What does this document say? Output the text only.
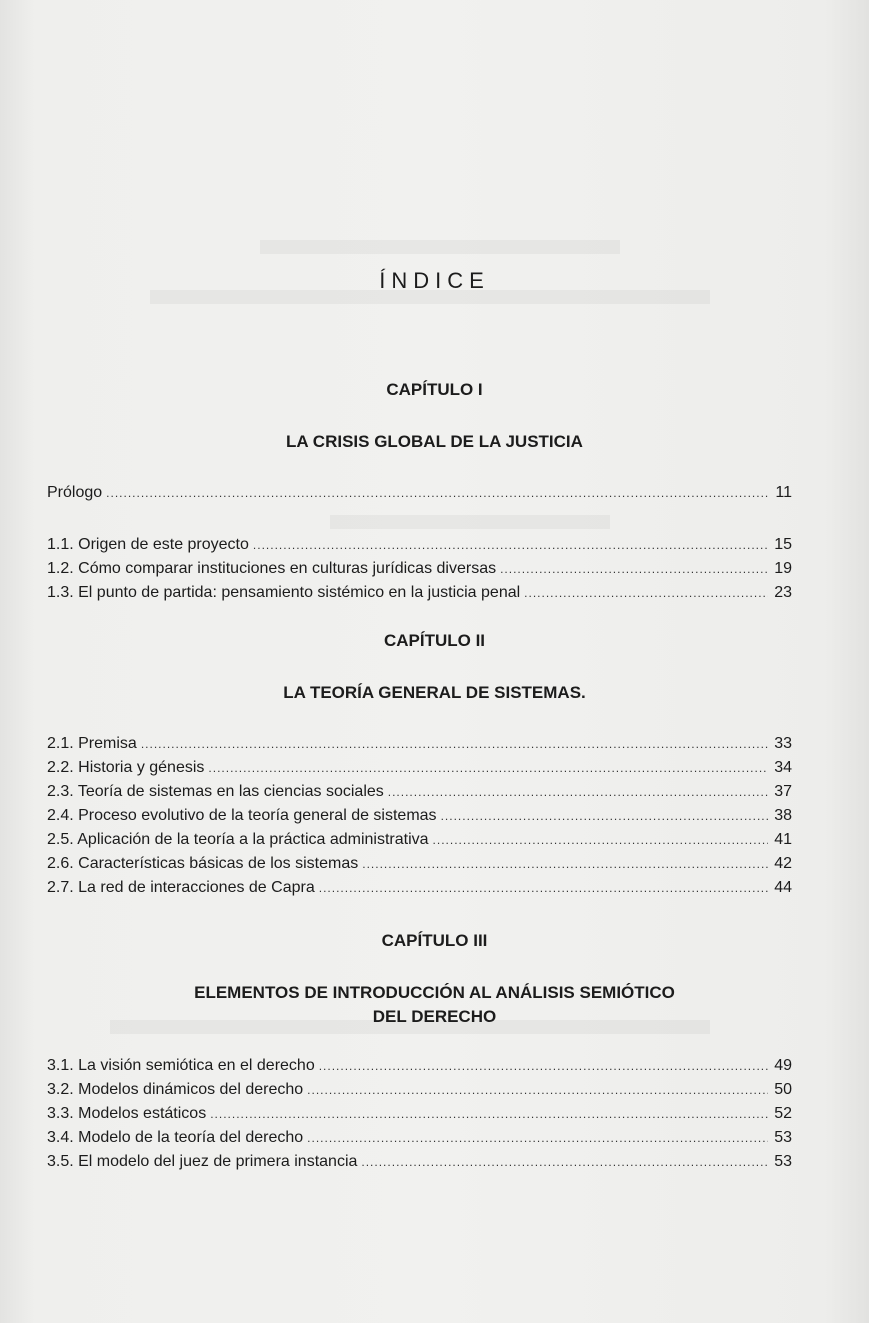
ÍNDICE
CAPÍTULO I
LA CRISIS GLOBAL DE LA JUSTICIA
Prólogo .....	11
1.1. Origen de este proyecto .....	15
1.2. Cómo comparar instituciones en culturas jurídicas diversas .....	19
1.3. El punto de partida: pensamiento sistémico en la justicia penal .....	23
CAPÍTULO II
LA TEORÍA GENERAL DE SISTEMAS.
2.1. Premisa .....	33
2.2. Historia y génesis .....	34
2.3. Teoría de sistemas en las ciencias sociales .....	37
2.4. Proceso evolutivo de la teoría general de sistemas .....	38
2.5. Aplicación de la teoría a la práctica administrativa .....	41
2.6. Características básicas de los sistemas .....	42
2.7. La red de interacciones de Capra .....	44
CAPÍTULO III
ELEMENTOS DE INTRODUCCIÓN AL ANÁLISIS SEMIÓTICO
DEL DERECHO
3.1. La visión semiótica en el derecho .....	49
3.2. Modelos dinámicos del derecho .....	50
3.3. Modelos estáticos .....	52
3.4. Modelo de la teoría del derecho .....	53
3.5. El modelo del juez de primera instancia .....	53
